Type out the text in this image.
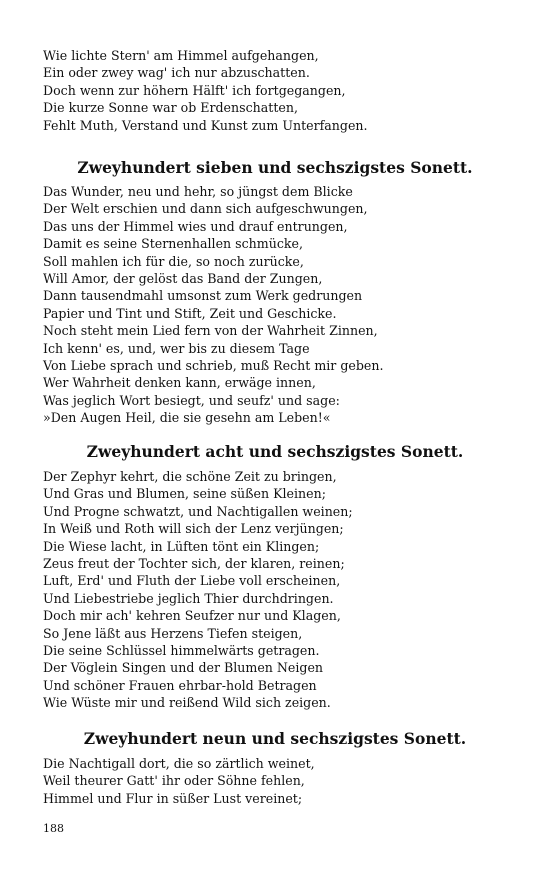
Wie lichte Stern' am Himmel aufgehangen,
Ein oder zwey wag' ich nur abzuschatten.
Doch wenn zur höhern Hälft' ich fortgegangen,
Die kurze Sonne war ob Erdenschatten,
Fehlt Muth, Verstand und Kunst zum Unterfangen.
Zweyhundert sieben und sechszigstes Sonett.
Das Wunder, neu und hehr, so jüngst dem Blicke
Der Welt erschien und dann sich aufgeschwungen,
Das uns der Himmel wies und drauf entrungen,
Damit es seine Sternenhallen schmücke,
Soll mahlen ich für die, so noch zurücke,
Will Amor, der gelöst das Band der Zungen,
Dann tausendmahl umsonst zum Werk gedrungen
Papier und Tint und Stift, Zeit und Geschicke.
Noch steht mein Lied fern von der Wahrheit Zinnen,
Ich kenn' es, und, wer bis zu diesem Tage
Von Liebe sprach und schrieb, muß Recht mir geben.
Wer Wahrheit denken kann, erwäge innen,
Was jeglich Wort besiegt, und seufz' und sage:
»Den Augen Heil, die sie gesehn am Leben!«
Zweyhundert acht und sechszigstes Sonett.
Der Zephyr kehrt, die schöne Zeit zu bringen,
Und Gras und Blumen, seine süßen Kleinen;
Und Progne schwatzt, und Nachtigallen weinen;
In Weiß und Roth will sich der Lenz verjüngen;
Die Wiese lacht, in Lüften tönt ein Klingen;
Zeus freut der Tochter sich, der klaren, reinen;
Luft, Erd' und Fluth der Liebe voll erscheinen,
Und Liebestriebe jeglich Thier durchdringen.
Doch mir ach' kehren Seufzer nur und Klagen,
So Jene läßt aus Herzens Tiefen steigen,
Die seine Schlüssel himmelwärts getragen.
Der Vöglein Singen und der Blumen Neigen
Und schöner Frauen ehrbar-hold Betragen
Wie Wüste mir und reißend Wild sich zeigen.
Zweyhundert neun und sechszigstes Sonett.
Die Nachtigall dort, die so zärtlich weinet,
Weil theurer Gatt' ihr oder Söhne fehlen,
Himmel und Flur in süßer Lust vereinet;
188
